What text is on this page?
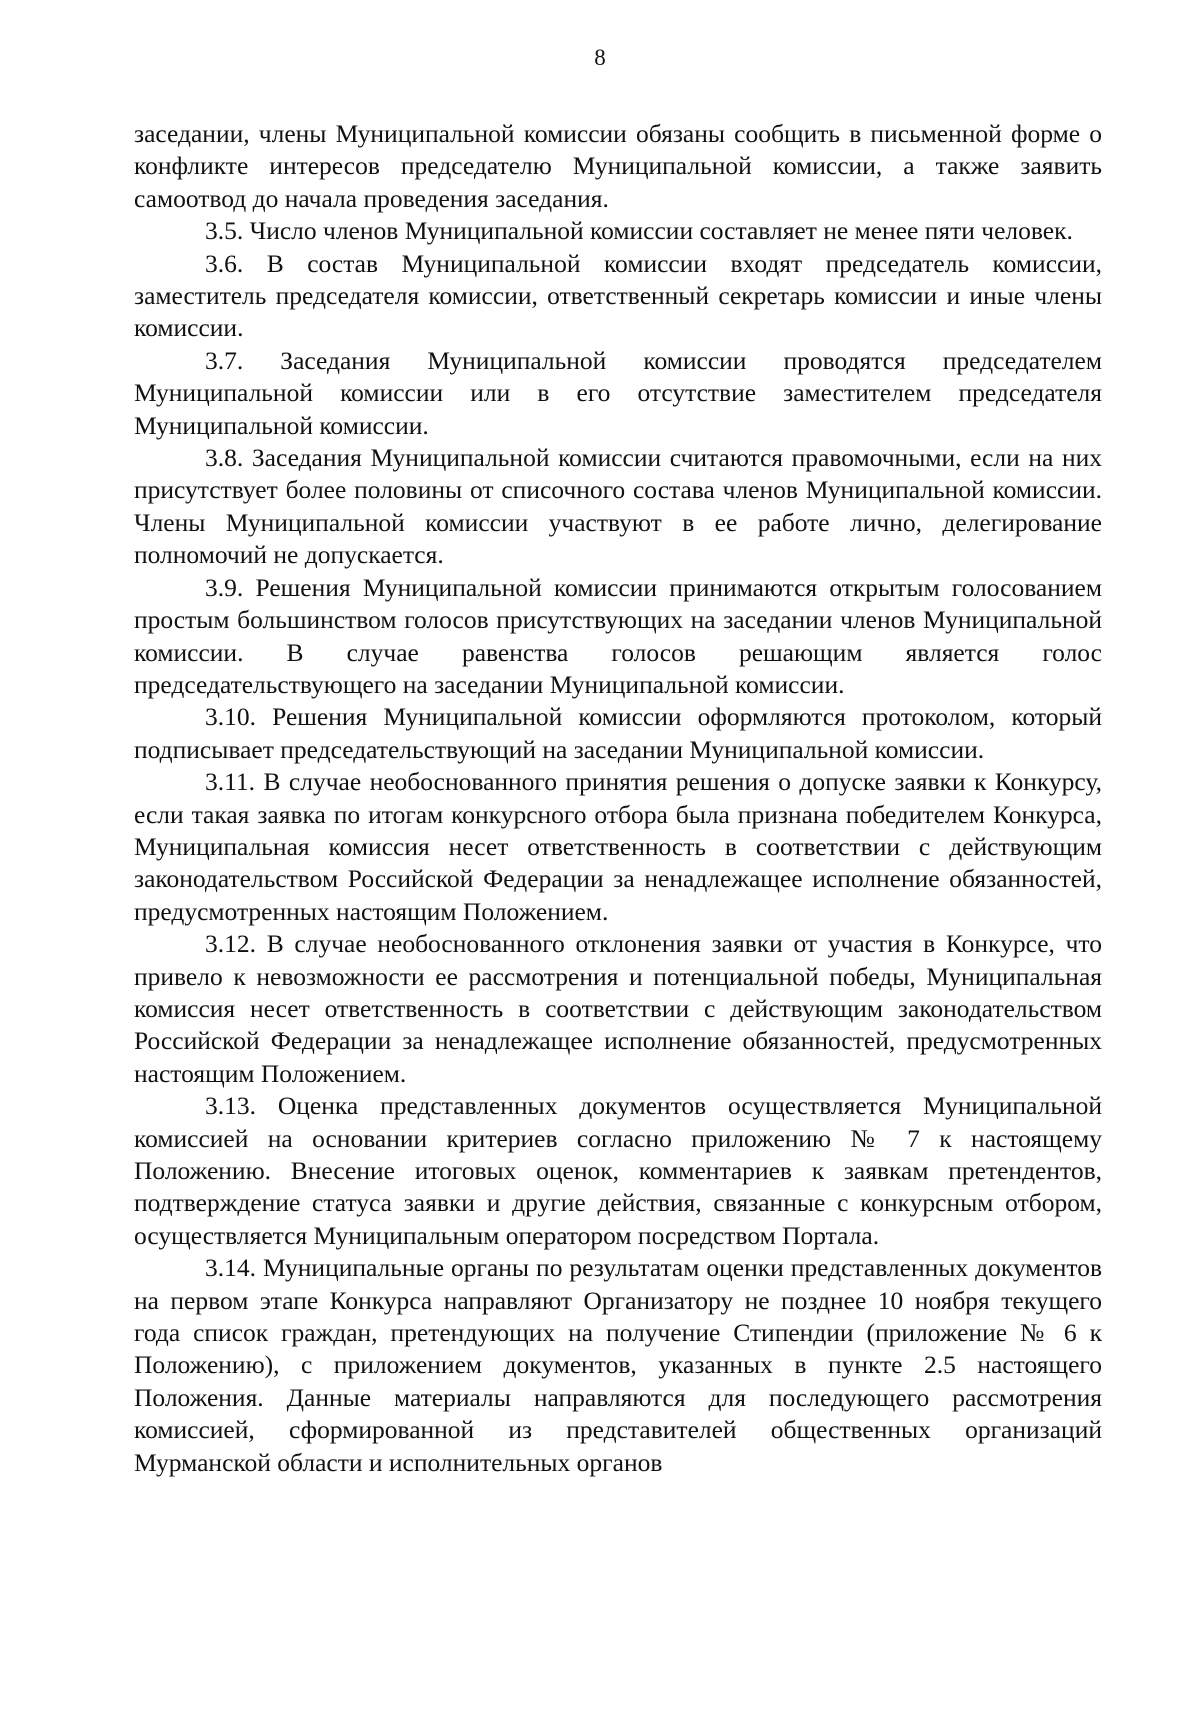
8

заседании, члены Муниципальной комиссии обязаны сообщить в письменной форме о конфликте интересов председателю Муниципальной комиссии, а также заявить самоотвод до начала проведения заседания.

3.5. Число членов Муниципальной комиссии составляет не менее пяти человек.

3.6. В состав Муниципальной комиссии входят председатель комиссии, заместитель председателя комиссии, ответственный секретарь комиссии и иные члены комиссии.

3.7. Заседания Муниципальной комиссии проводятся председателем Муниципальной комиссии или в его отсутствие заместителем председателя Муниципальной комиссии.

3.8. Заседания Муниципальной комиссии считаются правомочными, если на них присутствует более половины от списочного состава членов Муниципальной комиссии. Члены Муниципальной комиссии участвуют в ее работе лично, делегирование полномочий не допускается.

3.9. Решения Муниципальной комиссии принимаются открытым голосованием простым большинством голосов присутствующих на заседании членов Муниципальной комиссии. В случае равенства голосов решающим является голос председательствующего на заседании Муниципальной комиссии.

3.10. Решения Муниципальной комиссии оформляются протоколом, который подписывает председательствующий на заседании Муниципальной комиссии.

3.11. В случае необоснованного принятия решения о допуске заявки к Конкурсу, если такая заявка по итогам конкурсного отбора была признана победителем Конкурса, Муниципальная комиссия несет ответственность в соответствии с действующим законодательством Российской Федерации за ненадлежащее исполнение обязанностей, предусмотренных настоящим Положением.

3.12. В случае необоснованного отклонения заявки от участия в Конкурсе, что привело к невозможности ее рассмотрения и потенциальной победы, Муниципальная комиссия несет ответственность в соответствии с действующим законодательством Российской Федерации за ненадлежащее исполнение обязанностей, предусмотренных настоящим Положением.

3.13. Оценка представленных документов осуществляется Муниципальной комиссией на основании критериев согласно приложению № 7 к настоящему Положению. Внесение итоговых оценок, комментариев к заявкам претендентов, подтверждение статуса заявки и другие действия, связанные с конкурсным отбором, осуществляется Муниципальным оператором посредством Портала.

3.14. Муниципальные органы по результатам оценки представленных документов на первом этапе Конкурса направляют Организатору не позднее 10 ноября текущего года список граждан, претендующих на получение Стипендии (приложение № 6 к Положению), с приложением документов, указанных в пункте 2.5 настоящего Положения. Данные материалы направляются для последующего рассмотрения комиссией, сформированной из представителей общественных организаций Мурманской области и исполнительных органов
